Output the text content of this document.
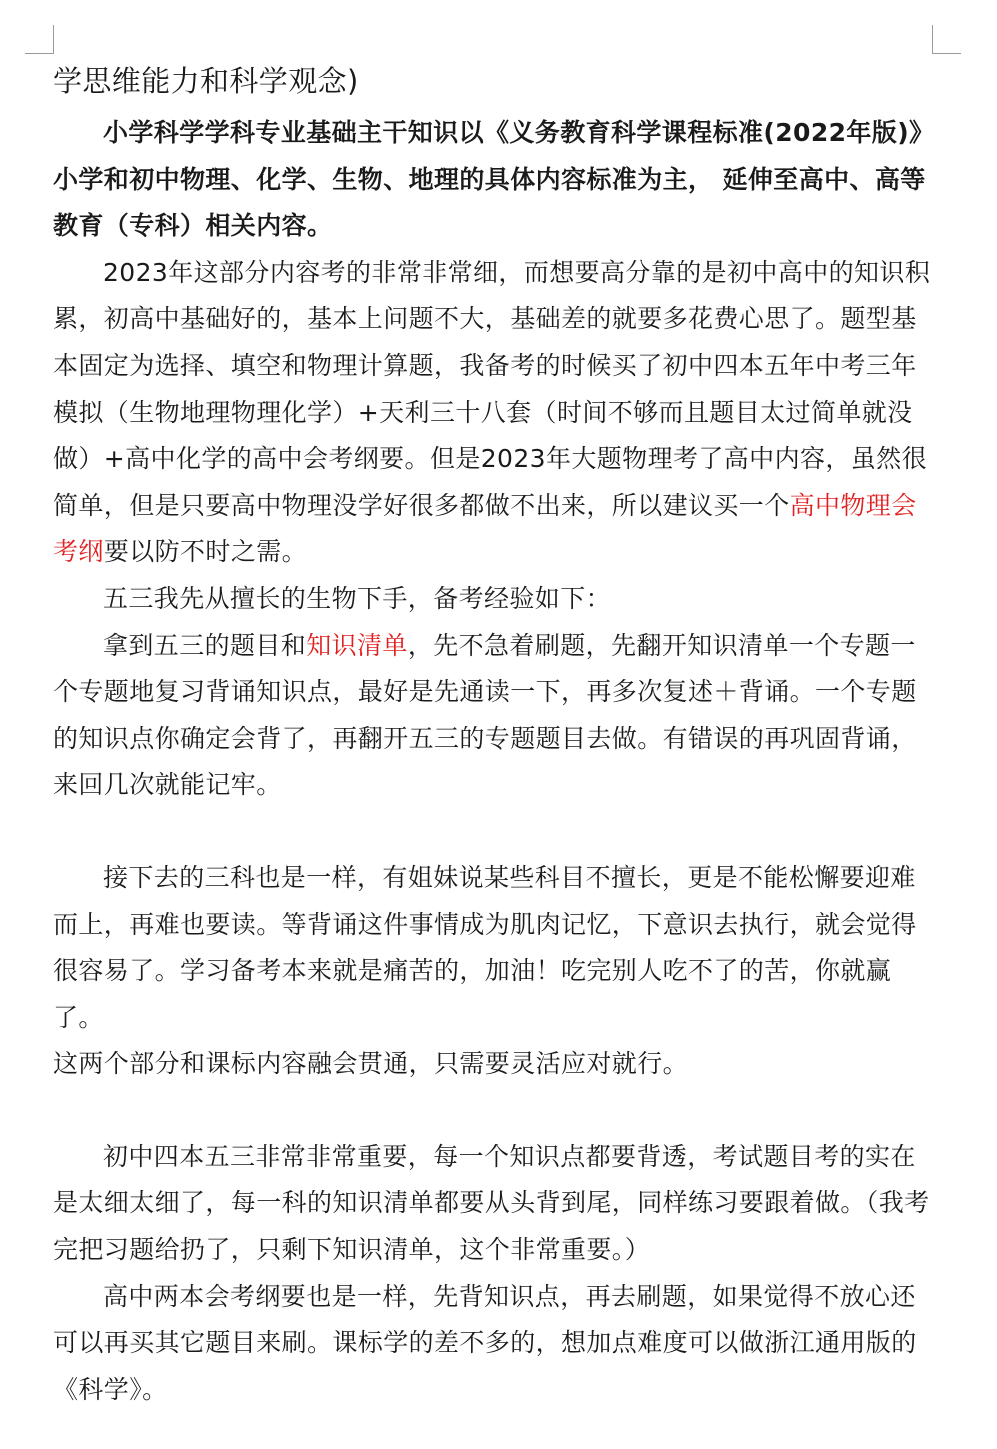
学思维能力和科学观念)

小学科学学科专业基础主干知识以《义务教育科学课程标准(2022年版)》小学和初中物理、化学、生物、地理的具体内容标准为主， 延伸至高中、高等教育（专科）相关内容。

2023年这部分内容考的非常非常细，而想要高分靠的是初中高中的知识积累，初高中基础好的，基本上问题不大，基础差的就要多花费心思了。题型基本固定为选择、填空和物理计算题，我备考的时候买了初中四本五年中考三年模拟（生物地理物理化学）+天利三十八套（时间不够而且题目太过简单就没做）+高中化学的高中会考纲要。但是2023年大题物理考了高中内容，虽然很简单，但是只要高中物理没学好很多都做不出来，所以建议买一个高中物理会考纲要以防不时之需。

五三我先从擅长的生物下手，备考经验如下：

拿到五三的题目和知识清单，先不急着刷题，先翻开知识清单一个专题一个专题地复习背诵知识点，最好是先通读一下，再多次复述＋背诵。一个专题的知识点你确定会背了，再翻开五三的专题题目去做。有错误的再巩固背诵，来回几次就能记牢。

接下去的三科也是一样，有姐妹说某些科目不擅长，更是不能松懈要迎难而上，再难也要读。等背诵这件事情成为肌肉记忆，下意识去执行，就会觉得很容易了。学习备考本来就是痛苦的，加油！吃完别人吃不了的苦，你就赢了。

这两个部分和课标内容融会贯通，只需要灵活应对就行。

初中四本五三非常非常重要，每一个知识点都要背透，考试题目考的实在是太细太细了，每一科的知识清单都要从头背到尾，同样练习要跟着做。（我考完把习题给扔了，只剩下知识清单，这个非常重要。）

高中两本会考纲要也是一样，先背知识点，再去刷题，如果觉得不放心还可以再买其它题目来刷。课标学的差不多的，想加点难度可以做浙江通用版的《科学》。
